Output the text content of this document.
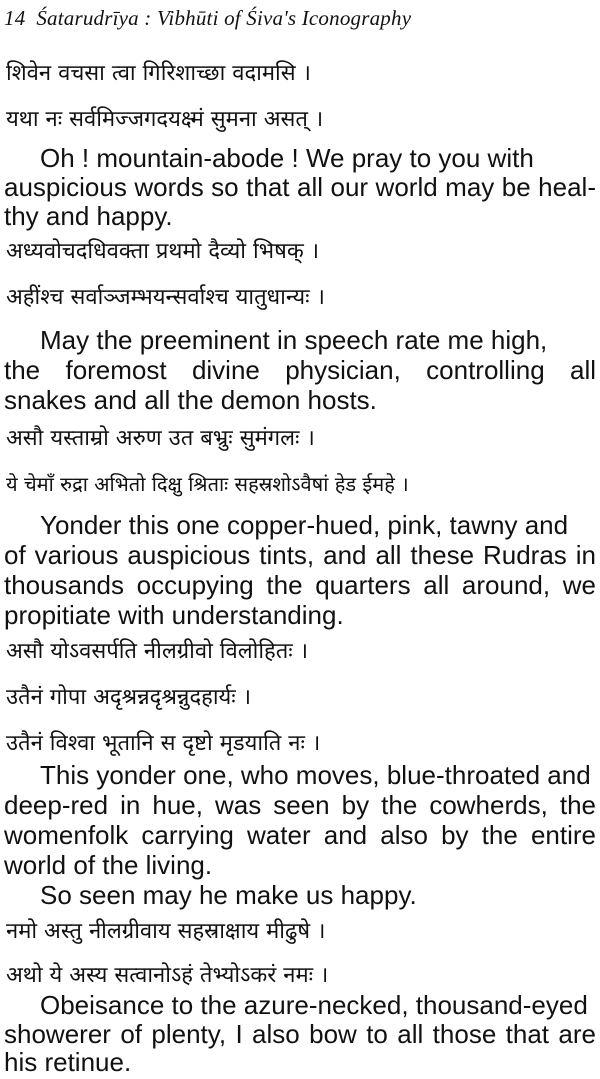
14 Śatarudrīya : Vibhūti of Śiva's Iconography
शिवेन वचसा त्वा गिरिशाच्छा वदामसि ।
यथा नः सर्वमिज्जगदयक्ष्मं सुमना असत् ।
Oh ! mountain-abode ! We pray to you with
auspicious words so that all our world may be heal-
thy and happy.
अध्यवोचदधिवक्ता प्रथमो दैव्यो भिषक् ।
अहींश्च सर्वाञ्जम्भयन्सर्वाश्च यातुधान्यः ।
May the preeminent in speech rate me high,
the foremost divine physician, controlling all
snakes and all the demon hosts.
असौ यस्ताम्रो अरुण उत बभ्रुः सुमंगलः ।
ये चेमाँ रुद्रा अभितो दिक्षु श्रिताः सहस्रशोऽवैषां हेड ईमहे ।
Yonder this one copper-hued, pink, tawny and
of various auspicious tints, and all these Rudras in
thousands occupying the quarters all around, we
propitiate with understanding.
असौ योऽवसर्पति नीलग्रीवो विलोहितः ।
उतैनं गोपा अदृश्रन्नदृश्रन्नुदहार्यः ।
उतैनं विश्वा भूतानि स दृष्टो मृडयाति नः ।
This yonder one, who moves, blue-throated and
deep-red in hue, was seen by the cowherds, the
womenfolk carrying water and also by the entire
world of the living.
So seen may he make us happy.
नमो अस्तु नीलग्रीवाय सहस्राक्षाय मीढुषे ।
अथो ये अस्य सत्वानोऽहं तेभ्योऽकरं नमः ।
Obeisance to the azure-necked, thousand-eyed
showerer of plenty, I also bow to all those that are
his retinue.
